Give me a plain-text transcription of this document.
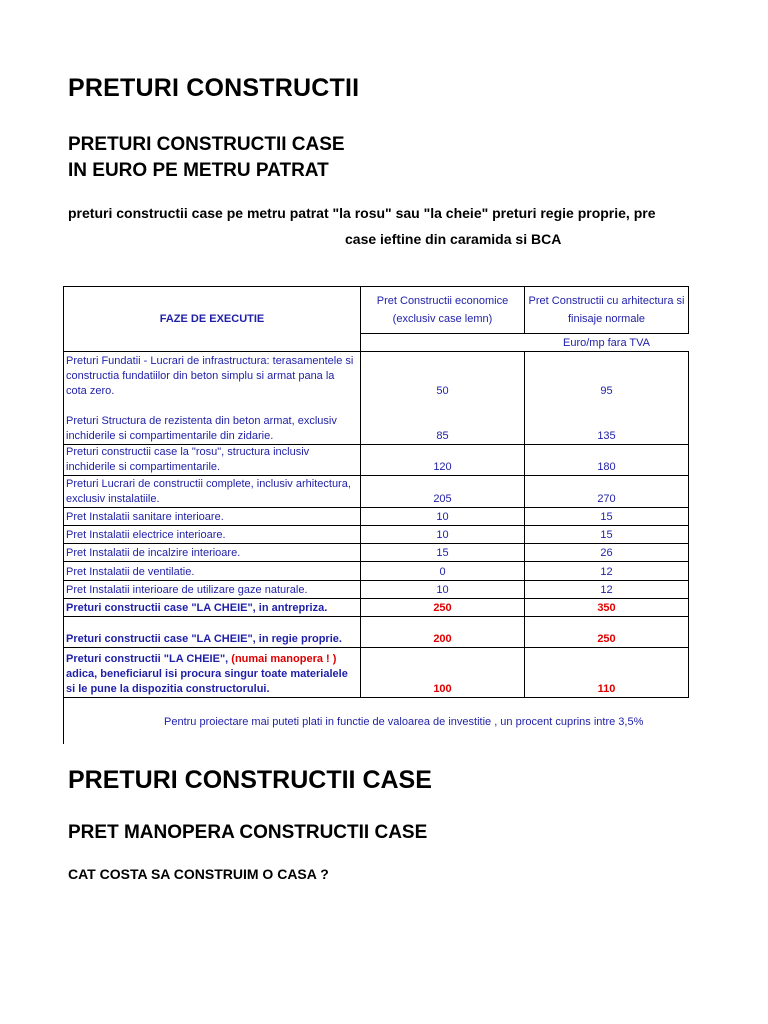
PRETURI CONSTRUCTII
PRETURI CONSTRUCTII CASE
IN EURO PE METRU PATRAT
preturi constructii case pe metru patrat "la rosu" sau "la cheie" preturi regie proprie, pre
case ieftine din caramida si BCA
FAZE DE EXECUTIE	Pret Constructii economice (exclusiv case lemn)	Pret Constructii cu arhitectura si finisaje normale	
		Euro/mp fara TVA	
Preturi Fundatii - Lucrari de infrastructura: terasamentele si constructia fundatiilor din beton simplu si armat pana la cota zero.	50	95	
Preturi Structura de rezistenta din beton armat, exclusiv inchiderile si compartimentarile din zidarie.	85	135	
Preturi constructii case la "rosu", structura inclusiv inchiderile si compartimentarile.	120	180	
Preturi Lucrari de constructii complete, inclusiv arhitectura, exclusiv instalatiile.	205	270	
Pret Instalatii sanitare interioare.	10	15	
Pret Instalatii electrice interioare.	10	15	
Pret Instalatii de incalzire interioare.	15	26	
Pret Instalatii de ventilatie.	0	12	
Pret Instalatii interioare de utilizare gaze naturale.	10	12	
Preturi constructii case "LA CHEIE", in antrepriza.	250	350	
Preturi constructii case "LA CHEIE", in regie proprie.	200	250	
Preturi constructii "LA CHEIE", (numai manopera ! ) adica, beneficiarul isi procura singur toate materialele si le pune la dispozitia constructorului.	100	110	
Pentru proiectare mai puteti plati in functie de valoarea de investitie , un procent cuprins intre 3,5%			
PRETURI CONSTRUCTII CASE
PRET MANOPERA CONSTRUCTII CASE
CAT COSTA SA CONSTRUIM O CASA ?
